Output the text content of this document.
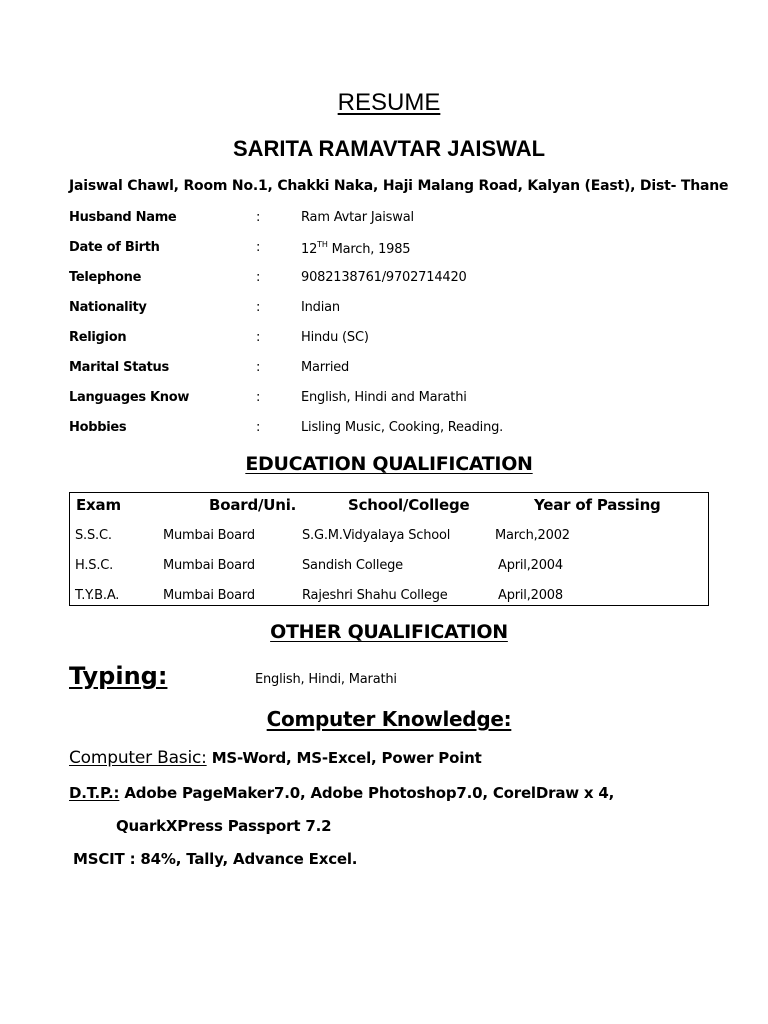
RESUME
SARITA RAMAVTAR JAISWAL
Jaiswal Chawl, Room No.1, Chakki Naka, Haji Malang Road, Kalyan (East), Dist- Thane
Husband Name	:	Ram Avtar Jaiswal
Date of Birth	:	12TH March, 1985
Telephone	:	9082138761/9702714420
Nationality	:	Indian
Religion	:	Hindu (SC)
Marital Status	:	Married
Languages Know	:	English, Hindi and Marathi
Hobbies	:	Lisling Music, Cooking, Reading.
EDUCATION QUALIFICATION
Exam	Board/Uni.	School/College	Year of Passing
S.S.C.	Mumbai Board	S.G.M.Vidyalaya School	March,2002
H.S.C.	Mumbai Board	Sandish College	April,2004
T.Y.B.A.	Mumbai Board	Rajeshri Shahu College	April,2008
OTHER QUALIFICATION
Typing:	English, Hindi, Marathi
Computer Knowledge:
Computer Basic: MS-Word, MS-Excel, Power Point
D.T.P.: Adobe PageMaker7.0, Adobe Photoshop7.0, CorelDraw x 4,
QuarkXPress Passport 7.2
MSCIT : 84%, Tally, Advance Excel.
